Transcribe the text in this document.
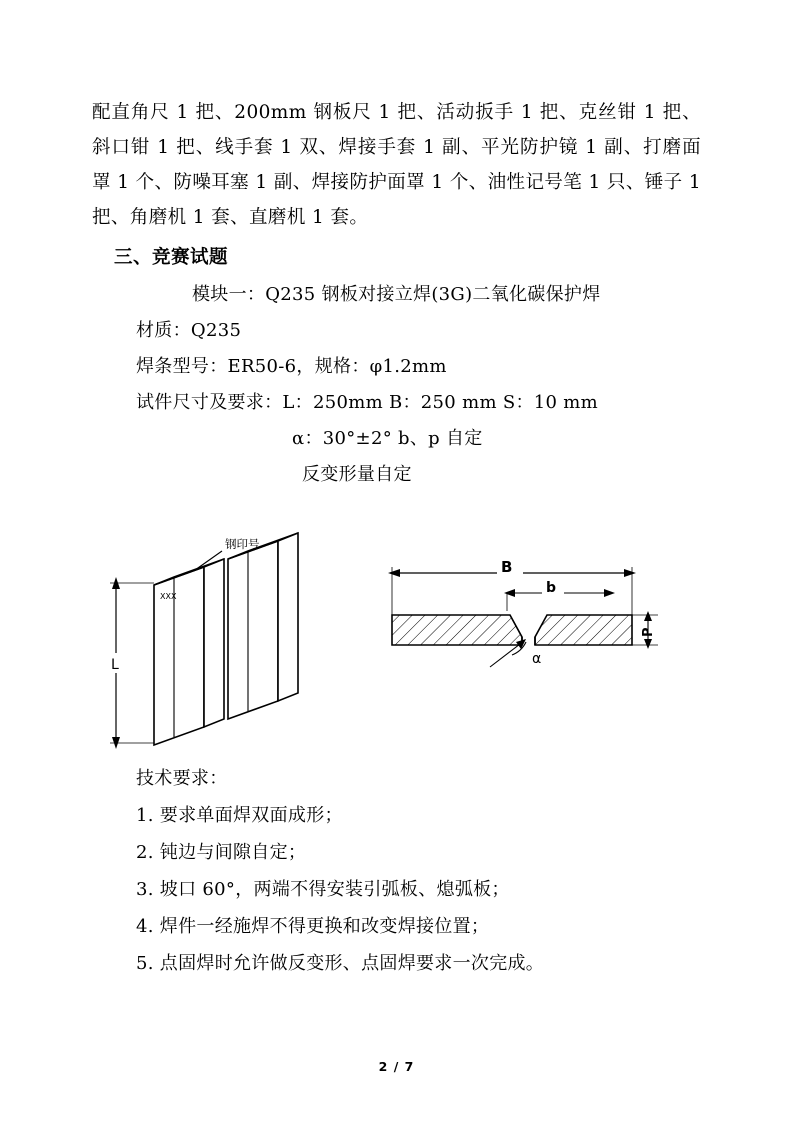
配直角尺 1 把、200mm 钢板尺 1 把、活动扳手 1 把、克丝钳 1 把、斜口钳 1 把、线手套 1 双、焊接手套 1 副、平光防护镜 1 副、打磨面罩 1 个、防噪耳塞 1 副、焊接防护面罩 1 个、油性记号笔 1 只、锤子 1 把、角磨机 1 套、直磨机 1 套。

三、竞赛试题

模块一：Q235 钢板对接立焊(3G)二氧化碳保护焊

材质：Q235

焊条型号：ER50-6，规格：φ1.2mm

试件尺寸及要求：L：250mm B：250 mm S：10 mm

α：30°±2° b、p 自定

反变形量自定

钢印号
XXX
L
B
b
P
α

技术要求：

1. 要求单面焊双面成形；

2. 钝边与间隙自定；

3. 坡口 60°，两端不得安装引弧板、熄弧板；

4. 焊件一经施焊不得更换和改变焊接位置；

5. 点固焊时允许做反变形、点固焊要求一次完成。

2 / 7
